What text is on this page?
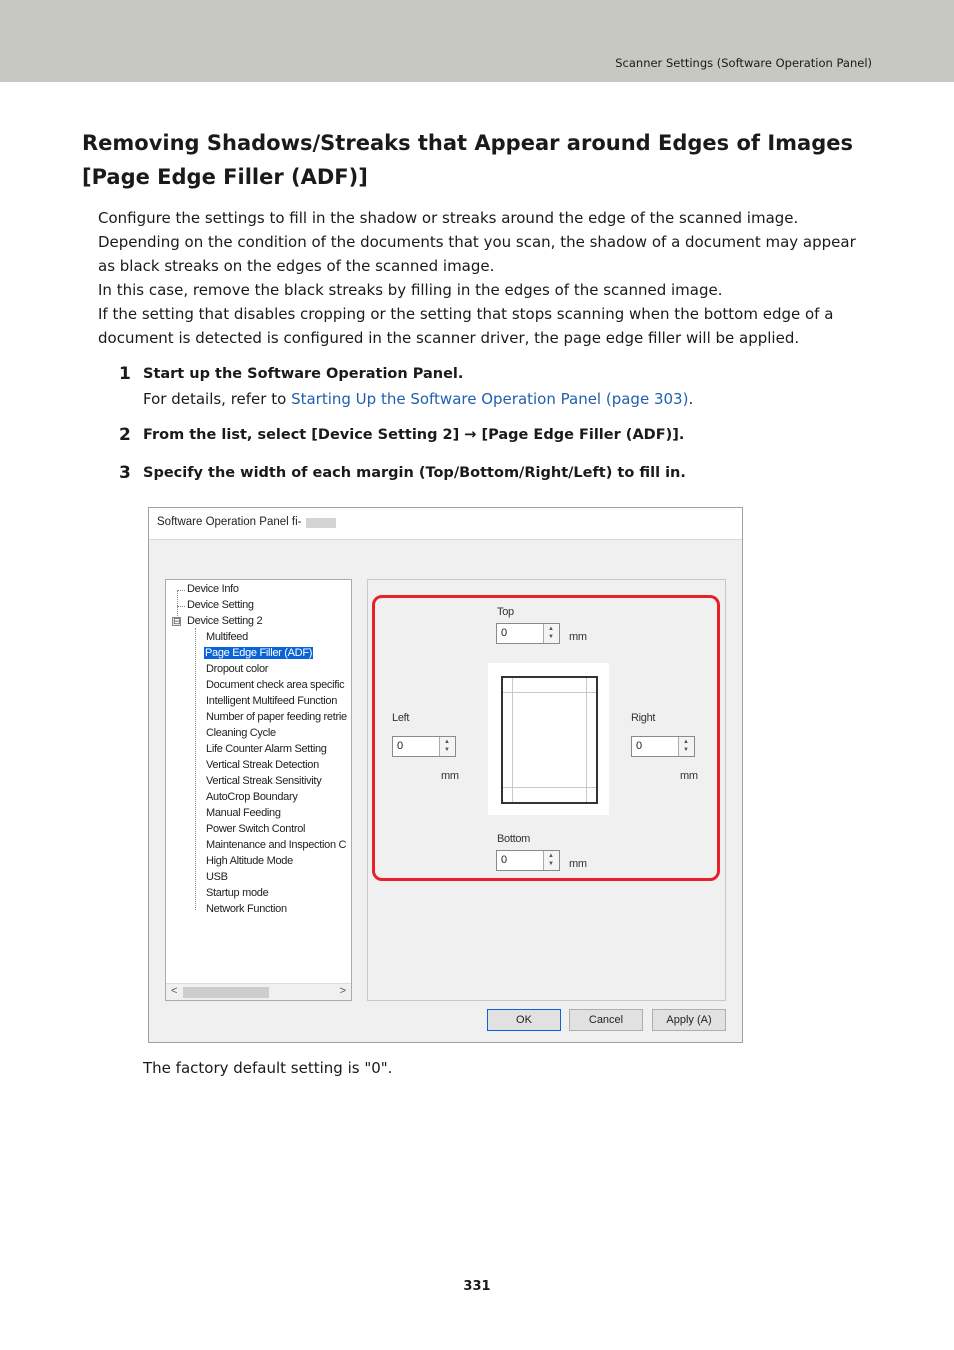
Scanner Settings (Software Operation Panel)
Removing Shadows/Streaks that Appear around Edges of Images [Page Edge Filler (ADF)]

Configure the settings to fill in the shadow or streaks around the edge of the scanned image.

Depending on the condition of the documents that you scan, the shadow of a document may appear

as black streaks on the edges of the scanned image.

In this case, remove the black streaks by filling in the edges of the scanned image.

If the setting that disables cropping or the setting that stops scanning when the bottom edge of a

document is detected is configured in the scanner driver, the page edge filler will be applied.

1 Start up the Software Operation Panel.
For details, refer to Starting Up the Software Operation Panel (page 303).
2 From the list, select [Device Setting 2] → [Page Edge Filler (ADF)].
3 Specify the width of each margin (Top/Bottom/Right/Left) to fill in.
Software Operation Panel fi-
⊟
Device Info
Device Setting
Device Setting 2
Multifeed
Page Edge Filler (ADF)
Dropout color
Document check area specific
Intelligent Multifeed Function
Number of paper feeding retrie
Cleaning Cycle
Life Counter Alarm Setting
Vertical Streak Detection
Vertical Streak Sensitivity
AutoCrop Boundary
Manual Feeding
Power Switch Control
Maintenance and Inspection C
High Altitude Mode
USB
Startup mode
Network Function
<	>
Top
0	▲
▼ mm
Left
0	▲
▼
mm
Right
0	▲
▼
mm
Bottom
0	▲
▼ mm
OK	Cancel	Apply (A)
The factory default setting is "0".
331
